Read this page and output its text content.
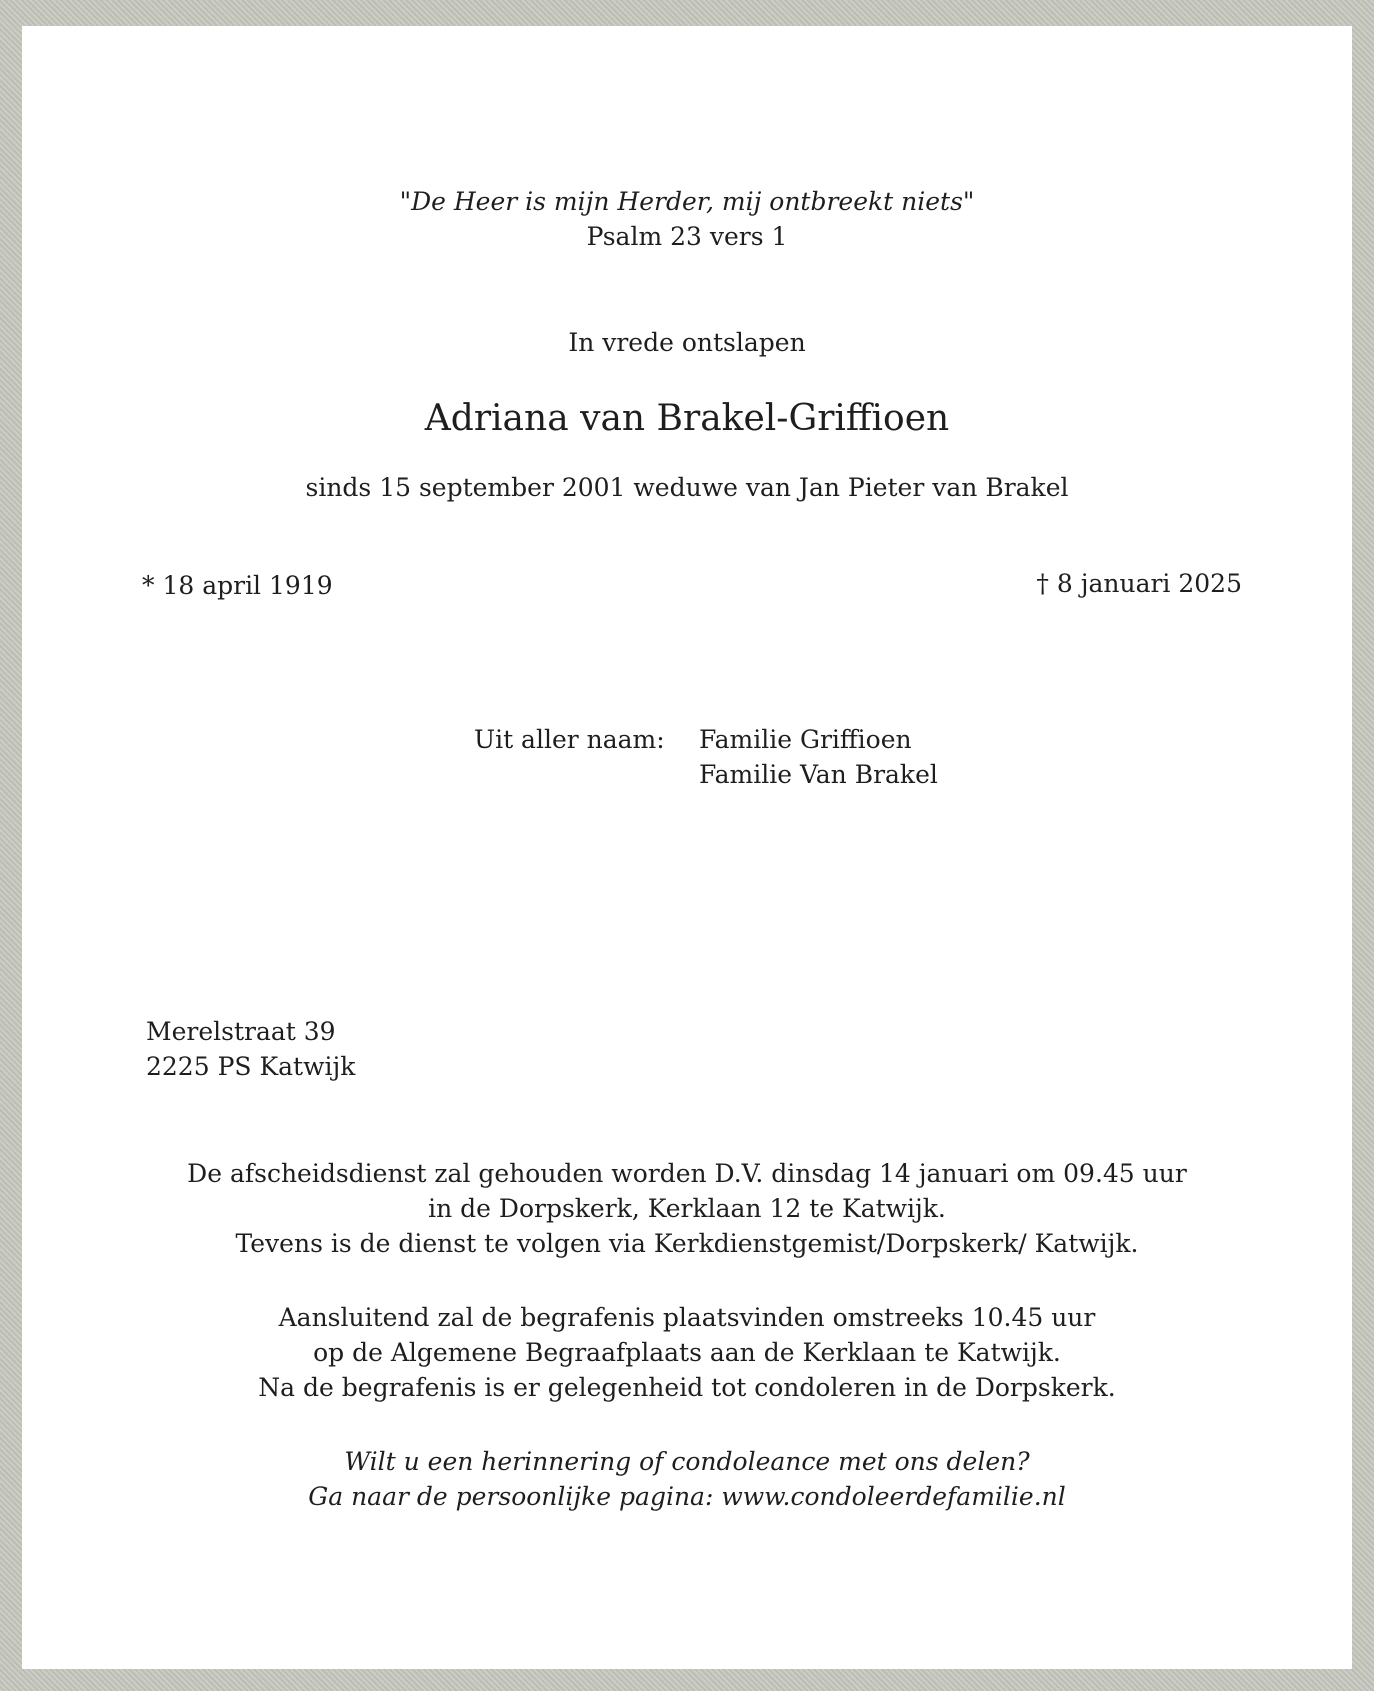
"De Heer is mijn Herder, mij ontbreekt niets"

Psalm 23 vers 1

In vrede ontslapen

Adriana van Brakel-Griffioen

sinds 15 september 2001 weduwe van Jan Pieter van Brakel

* 18 april 1919	† 8 januari 2025

Uit aller naam: Familie Griffioen

Familie Van Brakel

Merelstraat 39

2225 PS Katwijk

De afscheidsdienst zal gehouden worden D.V. dinsdag 14 januari om 09.45 uur

in de Dorpskerk, Kerklaan 12 te Katwijk.

Tevens is de dienst te volgen via Kerkdienstgemist/Dorpskerk/ Katwijk.

Aansluitend zal de begrafenis plaatsvinden omstreeks 10.45 uur

op de Algemene Begraafplaats aan de Kerklaan te Katwijk.

Na de begrafenis is er gelegenheid tot condoleren in de Dorpskerk.

Wilt u een herinnering of condoleance met ons delen?

Ga naar de persoonlijke pagina: www.condoleerdefamilie.nl
